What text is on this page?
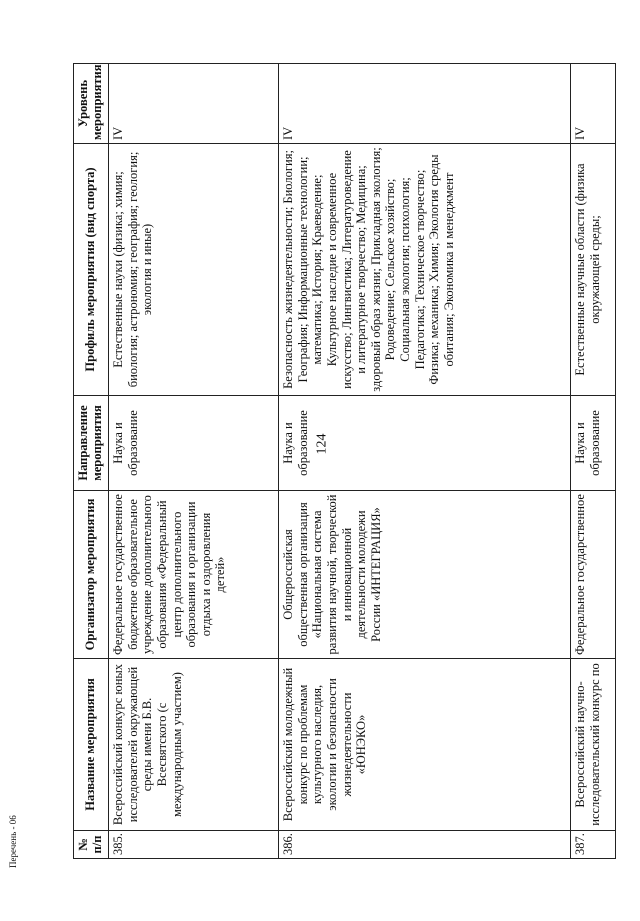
124
Перечень - 06	№ п/п	Название мероприятия	Организатор мероприятия	Направление мероприятия	Профиль мероприятия (вид спорта)	Уровень мероприятия
385.	Всероссийский конкурс юных исследователей окружающей среды имени Б.В. Всесвятского (с международным участием)	Федеральное государственное бюджетное образовательное учреждение дополнительного образования «Федеральный центр дополнительного образования и организации отдыха и оздоровления детей»	Наука и образование	Естественные науки (физика; химия; биология; астрономия; география; геология; экология и иные)	IV
386.	Всероссийский молодежный конкурс по проблемам культурного наследия, экологии и безопасности жизнедеятельности «ЮНЭКО»	Общероссийская общественная организация «Национальная система развития научной, творческой и инновационной деятельности молодежи России «ИНТЕГРАЦИЯ»	Наука и образование	Безопасность жизнедеятельности; Биология; География; Информационные технологии; математика; История; Краеведение; Культурное наследие и современное искусство; Лингвистика; Литературоведение и литературное творчество; Медицина; здоровый образ жизни; Прикладная экология; Родоведение; Сельское хозяйство; Социальная экология; психология; Педагогика; Техническое творчество; Физика; механика; Химия; Экология среды обитания; Экономика и менеджмент	IV
387.	Всероссийский научно-исследовательский конкурс по	Федеральное государственное	Наука и образование	Естественные научные области (физика окружающей среды;	IV
